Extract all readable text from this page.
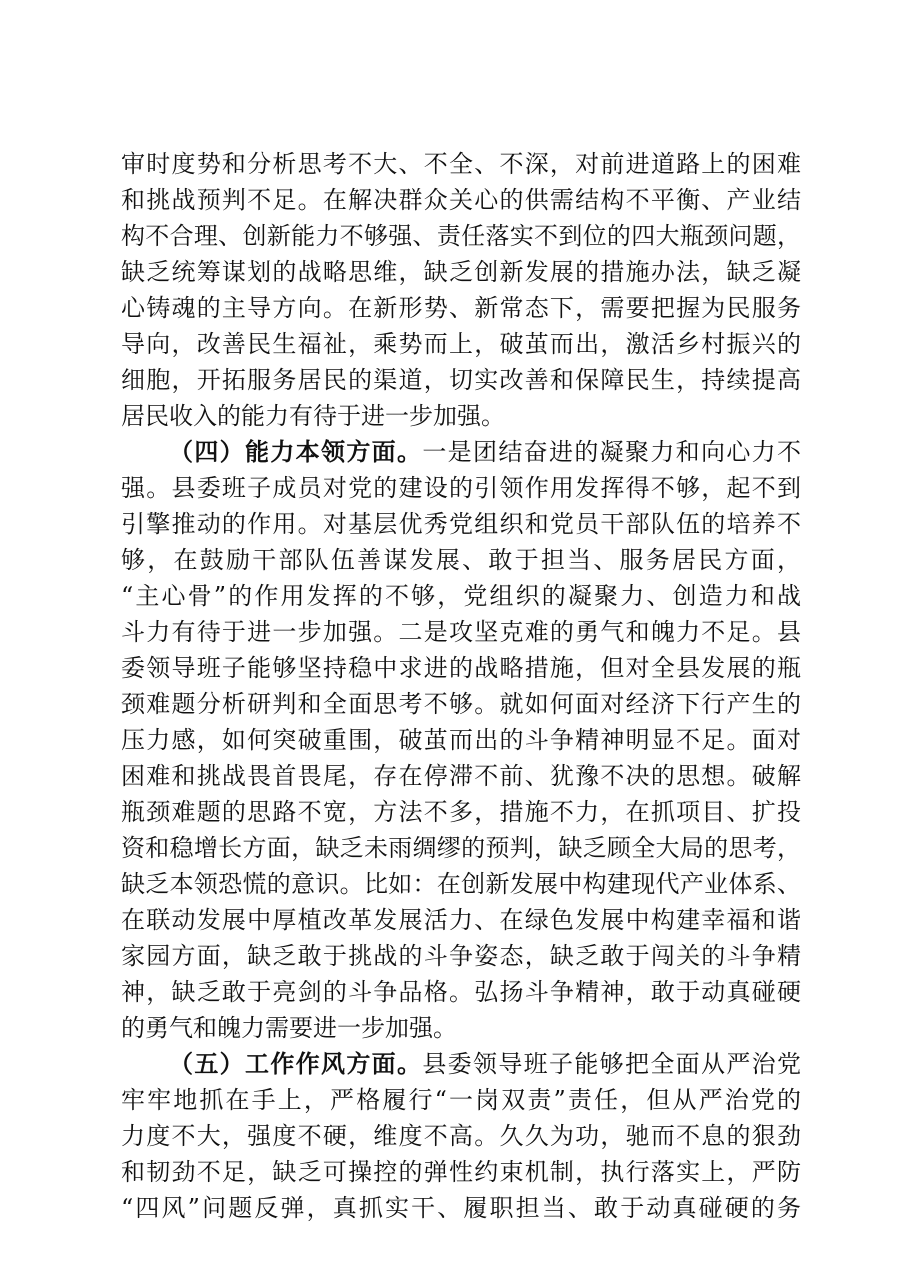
审时度势和分析思考不大、不全、不深，对前进道路上的困难
和挑战预判不足。在解决群众关心的供需结构不平衡、产业结
构不合理、创新能力不够强、责任落实不到位的四大瓶颈问题，
缺乏统筹谋划的战略思维，缺乏创新发展的措施办法，缺乏凝
心铸魂的主导方向。在新形势、新常态下，需要把握为民服务
导向，改善民生福祉，乘势而上，破茧而出，激活乡村振兴的
细胞，开拓服务居民的渠道，切实改善和保障民生，持续提高
居民收入的能力有待于进一步加强。
（四）能力本领方面。一是团结奋进的凝聚力和向心力不
强。县委班子成员对党的建设的引领作用发挥得不够，起不到
引擎推动的作用。对基层优秀党组织和党员干部队伍的培养不
够，在鼓励干部队伍善谋发展、敢于担当、服务居民方面，
“主心骨”的作用发挥的不够，党组织的凝聚力、创造力和战
斗力有待于进一步加强。二是攻坚克难的勇气和魄力不足。县
委领导班子能够坚持稳中求进的战略措施，但对全县发展的瓶
颈难题分析研判和全面思考不够。就如何面对经济下行产生的
压力感，如何突破重围，破茧而出的斗争精神明显不足。面对
困难和挑战畏首畏尾，存在停滞不前、犹豫不决的思想。破解
瓶颈难题的思路不宽，方法不多，措施不力，在抓项目、扩投
资和稳增长方面，缺乏未雨绸缪的预判，缺乏顾全大局的思考，
缺乏本领恐慌的意识。比如：在创新发展中构建现代产业体系、
在联动发展中厚植改革发展活力、在绿色发展中构建幸福和谐
家园方面，缺乏敢于挑战的斗争姿态，缺乏敢于闯关的斗争精
神，缺乏敢于亮剑的斗争品格。弘扬斗争精神，敢于动真碰硬
的勇气和魄力需要进一步加强。
（五）工作作风方面。县委领导班子能够把全面从严治党
牢牢地抓在手上，严格履行“一岗双责”责任，但从严治党的
力度不大，强度不硬，维度不高。久久为功，驰而不息的狠劲
和韧劲不足，缺乏可操控的弹性约束机制，执行落实上，严防
“四风”问题反弹，真抓实干、履职担当、敢于动真碰硬的务
